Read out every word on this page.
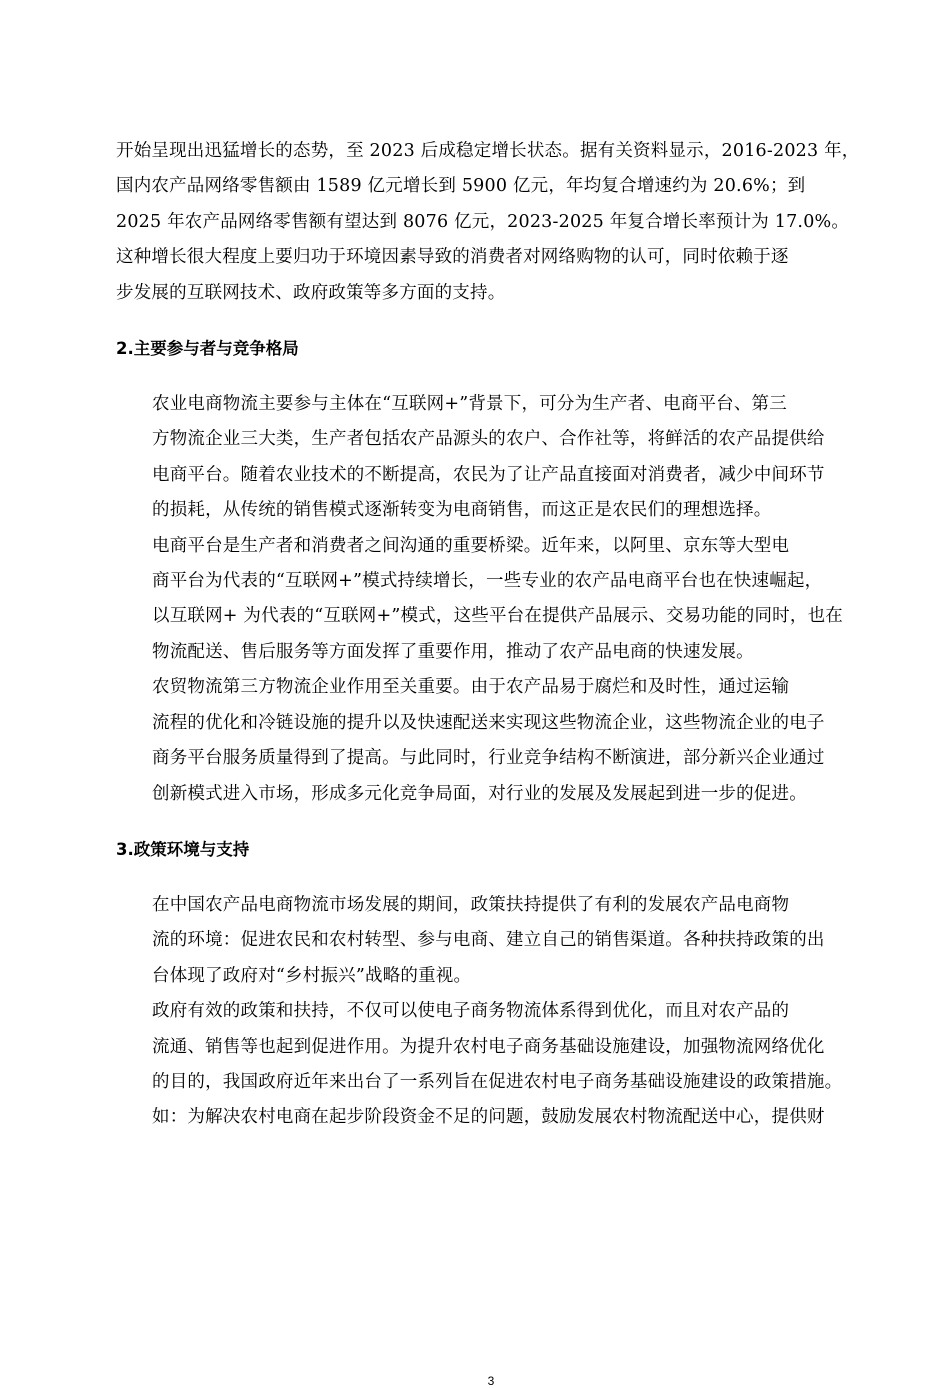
开始呈现出迅猛增长的态势，至 2023 后成稳定增长状态。据有关资料显示，2016-2023 年，
国内农产品网络零售额由 1589 亿元增长到 5900 亿元，年均复合增速约为 20.6%；到
2025 年农产品网络零售额有望达到 8076 亿元，2023-2025 年复合增长率预计为 17.0%。
这种增长很大程度上要归功于环境因素导致的消费者对网络购物的认可，同时依赖于逐
步发展的互联网技术、政府政策等多方面的支持。

2.主要参与者与竞争格局

农业电商物流主要参与主体在“互联网+”背景下，可分为生产者、电商平台、第三
方物流企业三大类，生产者包括农产品源头的农户、合作社等，将鲜活的农产品提供给
电商平台。随着农业技术的不断提高，农民为了让产品直接面对消费者，减少中间环节
的损耗，从传统的销售模式逐渐转变为电商销售，而这正是农民们的理想选择。

电商平台是生产者和消费者之间沟通的重要桥梁。近年来，以阿里、京东等大型电
商平台为代表的“互联网+”模式持续增长，一些专业的农产品电商平台也在快速崛起，
以互联网+ 为代表的“互联网+”模式，这些平台在提供产品展示、交易功能的同时，也在
物流配送、售后服务等方面发挥了重要作用，推动了农产品电商的快速发展。

农贸物流第三方物流企业作用至关重要。由于农产品易于腐烂和及时性，通过运输
流程的优化和冷链设施的提升以及快速配送来实现这些物流企业，这些物流企业的电子
商务平台服务质量得到了提高。与此同时，行业竞争结构不断演进，部分新兴企业通过
创新模式进入市场，形成多元化竞争局面，对行业的发展及发展起到进一步的促进。

3.政策环境与支持

在中国农产品电商物流市场发展的期间，政策扶持提供了有利的发展农产品电商物
流的环境：促进农民和农村转型、参与电商、建立自己的销售渠道。各种扶持政策的出
台体现了政府对“乡村振兴”战略的重视。

政府有效的政策和扶持，不仅可以使电子商务物流体系得到优化，而且对农产品的
流通、销售等也起到促进作用。为提升农村电子商务基础设施建设，加强物流网络优化
的目的，我国政府近年来出台了一系列旨在促进农村电子商务基础设施建设的政策措施。
如：为解决农村电商在起步阶段资金不足的问题，鼓励发展农村物流配送中心，提供财

3
